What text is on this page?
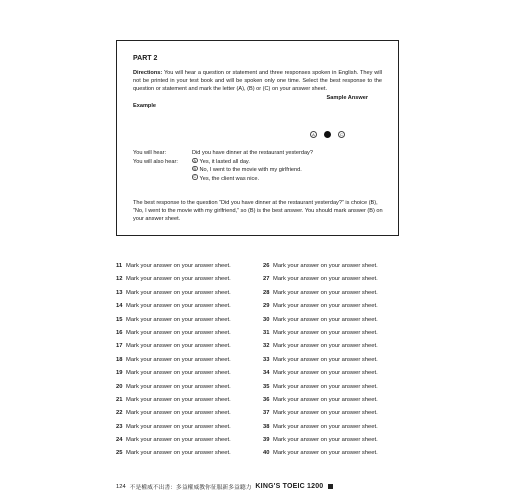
PART 2

Directions: You will hear a question or statement and three responses spoken in English. They will not be printed in your test book and will be spoken only one time. Select the best response to the question or statement and mark the letter (A), (B) or (C) on your answer sheet.

Sample Answer
Example
A	B	C
You will hear:	Did you have dinner at the restaurant yesterday?
You will also hear:	A Yes, it lasted all day.
B No, I went to the movie with my girlfriend.
C Yes, the client was nice.

The best response to the question “Did you have dinner at the restaurant yesterday?” is choice (B), “No, I went to the movie with my girlfriend,” so (B) is the best answer. You should mark answer (B) on your answer sheet.

11 Mark your answer on your answer sheet.
12 Mark your answer on your answer sheet.
13 Mark your answer on your answer sheet.
14 Mark your answer on your answer sheet.
15 Mark your answer on your answer sheet.
16 Mark your answer on your answer sheet.
17 Mark your answer on your answer sheet.
18 Mark your answer on your answer sheet.
19 Mark your answer on your answer sheet.
20 Mark your answer on your answer sheet.
21 Mark your answer on your answer sheet.
22 Mark your answer on your answer sheet.
23 Mark your answer on your answer sheet.
24 Mark your answer on your answer sheet.
25 Mark your answer on your answer sheet.
26 Mark your answer on your answer sheet.
27 Mark your answer on your answer sheet.
28 Mark your answer on your answer sheet.
29 Mark your answer on your answer sheet.
30 Mark your answer on your answer sheet.
31 Mark your answer on your answer sheet.
32 Mark your answer on your answer sheet.
33 Mark your answer on your answer sheet.
34 Mark your answer on your answer sheet.
35 Mark your answer on your answer sheet.
36 Mark your answer on your answer sheet.
37 Mark your answer on your answer sheet.
38 Mark your answer on your answer sheet.
39 Mark your answer on your answer sheet.
40 Mark your answer on your answer sheet.
124 不是權威不出書：多益權威教你征服新多益聽力 KING'S TOEIC 1200
